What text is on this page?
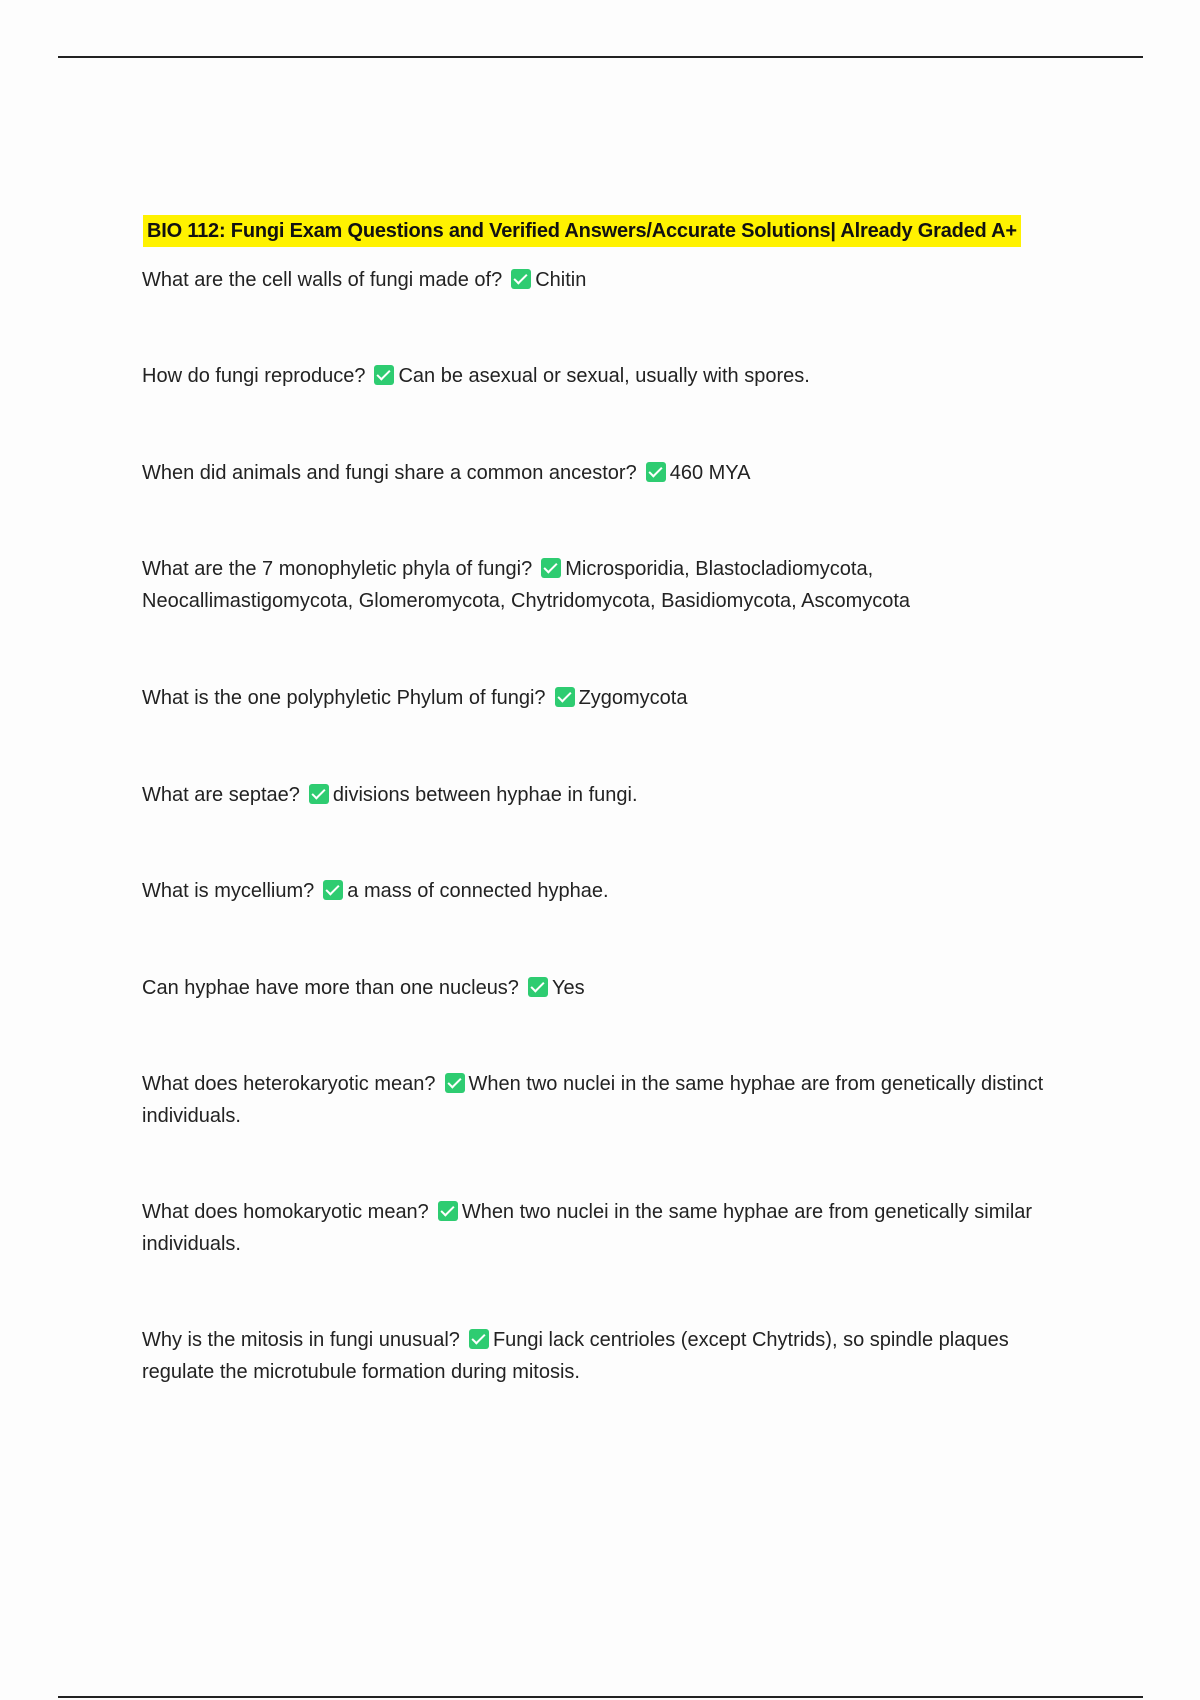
BIO 112: Fungi Exam Questions and Verified Answers/Accurate Solutions| Already Graded A+
What are the cell walls of fungi made of? Chitin
How do fungi reproduce? Can be asexual or sexual, usually with spores.
When did animals and fungi share a common ancestor? 460 MYA
What are the 7 monophyletic phyla of fungi? Microsporidia, Blastocladiomycota, Neocallimastigomycota, Glomeromycota, Chytridomycota, Basidiomycota, Ascomycota
What is the one polyphyletic Phylum of fungi? Zygomycota
What are septae? divisions between hyphae in fungi.
What is mycellium? a mass of connected hyphae.
Can hyphae have more than one nucleus? Yes
What does heterokaryotic mean? When two nuclei in the same hyphae are from genetically distinct individuals.
What does homokaryotic mean? When two nuclei in the same hyphae are from genetically similar individuals.
Why is the mitosis in fungi unusual? Fungi lack centrioles (except Chytrids), so spindle plaques regulate the microtubule formation during mitosis.
